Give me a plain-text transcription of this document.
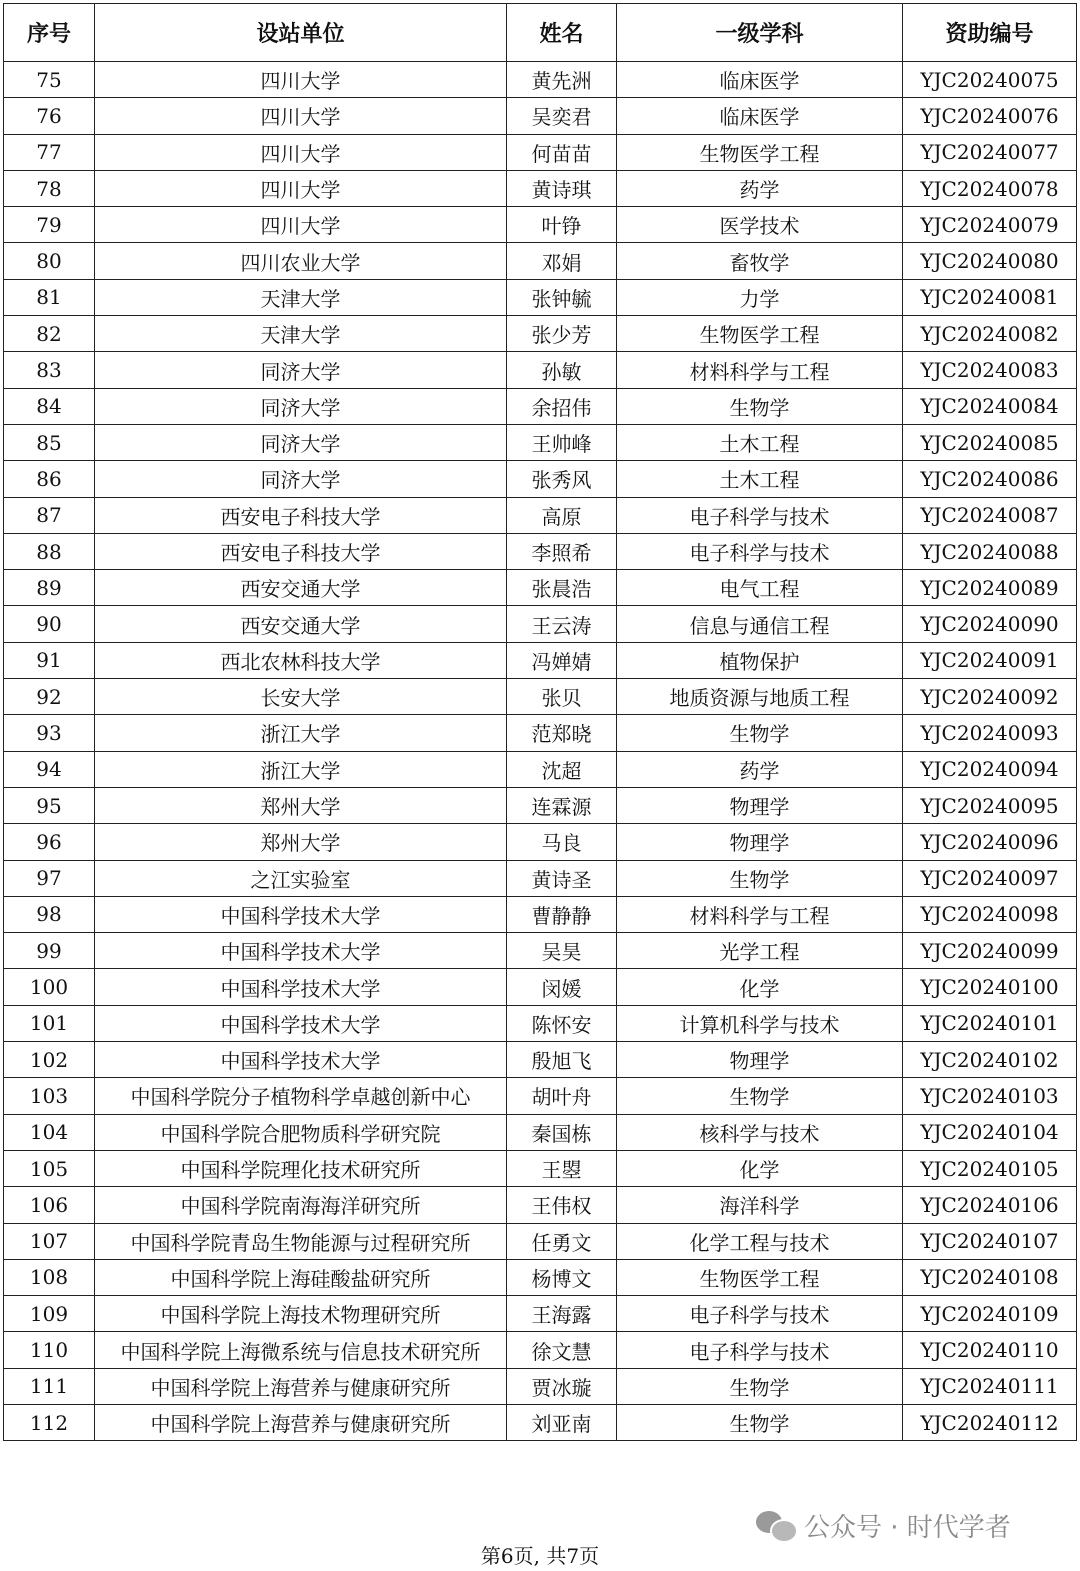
序号	设站单位	姓名	一级学科	资助编号
75	四川大学	黄先洲	临床医学	YJC20240075
76	四川大学	吴奕君	临床医学	YJC20240076
77	四川大学	何苗苗	生物医学工程	YJC20240077
78	四川大学	黄诗琪	药学	YJC20240078
79	四川大学	叶铮	医学技术	YJC20240079
80	四川农业大学	邓娟	畜牧学	YJC20240080
81	天津大学	张钟毓	力学	YJC20240081
82	天津大学	张少芳	生物医学工程	YJC20240082
83	同济大学	孙敏	材料科学与工程	YJC20240083
84	同济大学	余招伟	生物学	YJC20240084
85	同济大学	王帅峰	土木工程	YJC20240085
86	同济大学	张秀风	土木工程	YJC20240086
87	西安电子科技大学	高原	电子科学与技术	YJC20240087
88	西安电子科技大学	李照希	电子科学与技术	YJC20240088
89	西安交通大学	张晨浩	电气工程	YJC20240089
90	西安交通大学	王云涛	信息与通信工程	YJC20240090
91	西北农林科技大学	冯婵婧	植物保护	YJC20240091
92	长安大学	张贝	地质资源与地质工程	YJC20240092
93	浙江大学	范郑晓	生物学	YJC20240093
94	浙江大学	沈超	药学	YJC20240094
95	郑州大学	连霖源	物理学	YJC20240095
96	郑州大学	马良	物理学	YJC20240096
97	之江实验室	黄诗圣	生物学	YJC20240097
98	中国科学技术大学	曹静静	材料科学与工程	YJC20240098
99	中国科学技术大学	吴昊	光学工程	YJC20240099
100	中国科学技术大学	闵媛	化学	YJC20240100
101	中国科学技术大学	陈怀安	计算机科学与技术	YJC20240101
102	中国科学技术大学	殷旭飞	物理学	YJC20240102
103	中国科学院分子植物科学卓越创新中心	胡叶舟	生物学	YJC20240103
104	中国科学院合肥物质科学研究院	秦国栋	核科学与技术	YJC20240104
105	中国科学院理化技术研究所	王曌	化学	YJC20240105
106	中国科学院南海海洋研究所	王伟权	海洋科学	YJC20240106
107	中国科学院青岛生物能源与过程研究所	任勇文	化学工程与技术	YJC20240107
108	中国科学院上海硅酸盐研究所	杨博文	生物医学工程	YJC20240108
109	中国科学院上海技术物理研究所	王海露	电子科学与技术	YJC20240109
110	中国科学院上海微系统与信息技术研究所	徐文慧	电子科学与技术	YJC20240110
111	中国科学院上海营养与健康研究所	贾冰璇	生物学	YJC20240111
112	中国科学院上海营养与健康研究所	刘亚南	生物学	YJC20240112
公众号 · 时代学者
第6页, 共7页
